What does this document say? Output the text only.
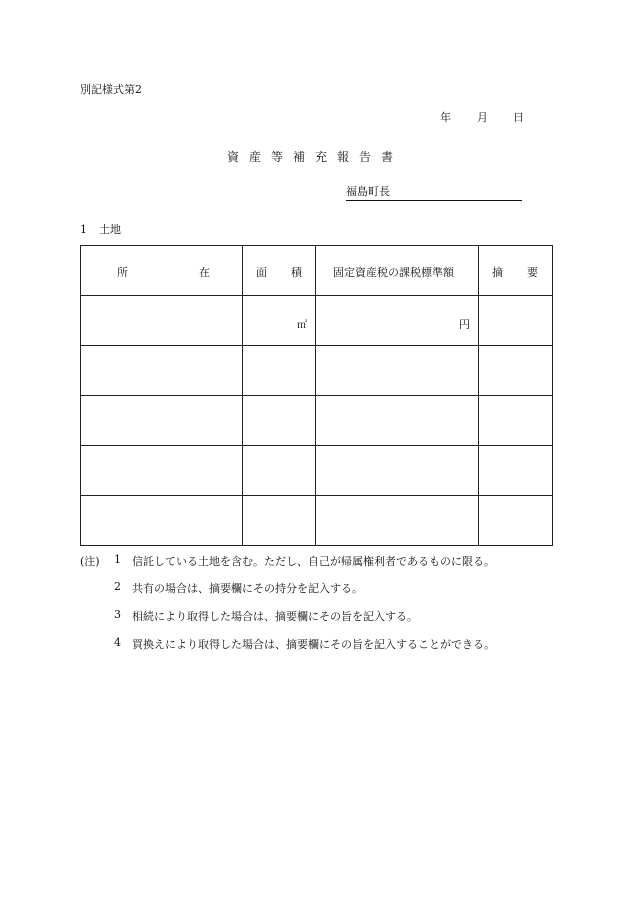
別記様式第2
年 月 日
資産等補充報告書
福島町長
1 土地
所 在	面 積	固定資産税の課税標準額	摘 要

	㎡	円	

(注) 1 信託している土地を含む。ただし、自己が帰属権利者であるものに限る。
2 共有の場合は、摘要欄にその持分を記入する。
3 相続により取得した場合は、摘要欄にその旨を記入する。
4 買換えにより取得した場合は、摘要欄にその旨を記入することができる。
